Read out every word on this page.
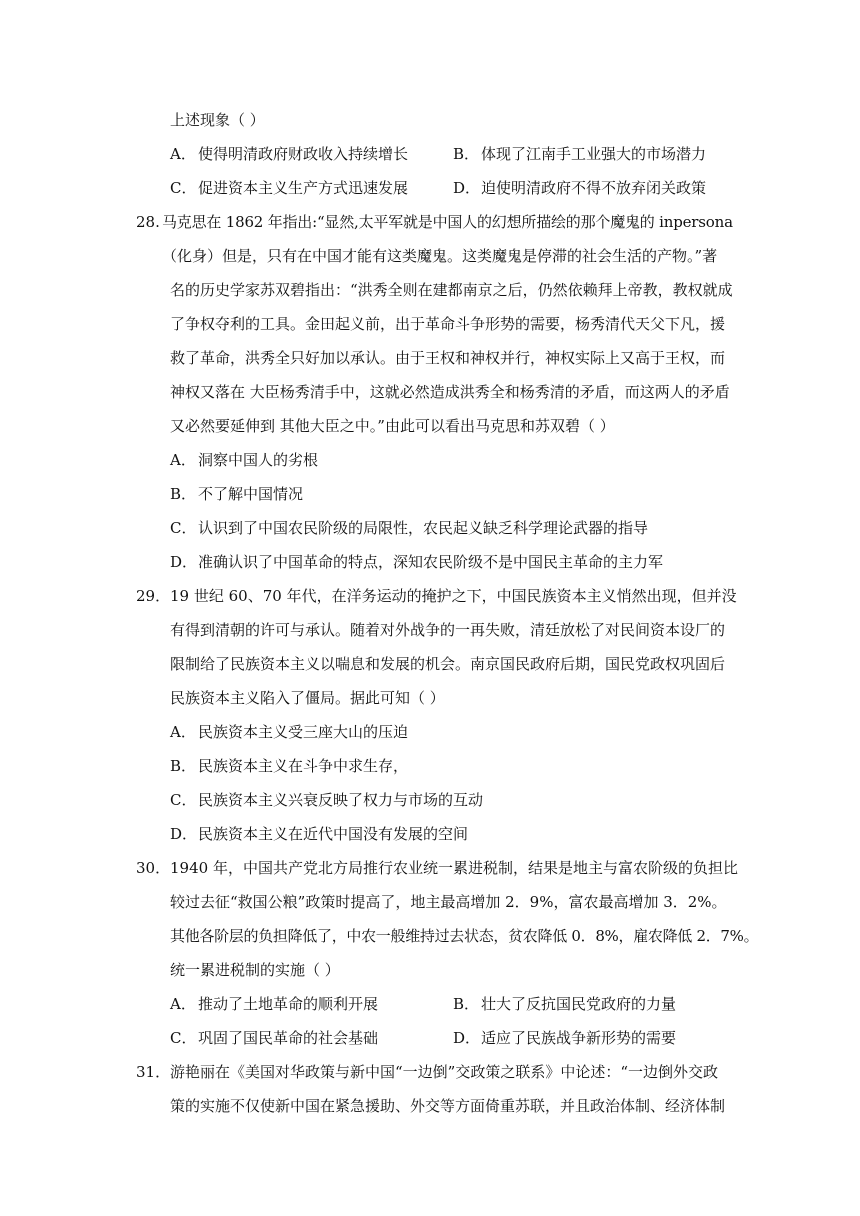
上述现象（ ）
A． 使得明清政府财政收入持续增长	B． 体现了江南手工业强大的市场潜力
C． 促进资本主义生产方式迅速发展	D．迫使明清政府不得不放弃闭关政策
28. 马克思在 1862 年指出:“显然,太平军就是中国人的幻想所描绘的那个魔鬼的 inpersona
（化身）但是，只有在中国才能有这类魔鬼。这类魔鬼是停滞的社会生活的产物。”著
名的历史学家苏双碧指出：“洪秀全则在建都南京之后，仍然依赖拜上帝教，教权就成
了争权夺利的工具。金田起义前，出于革命斗争形势的需要，杨秀清代天父下凡，援
救了革命，洪秀全只好加以承认。由于王权和神权并行，神权实际上又高于王权，而
神权又落在 大臣杨秀清手中，这就必然造成洪秀全和杨秀清的矛盾，而这两人的矛盾
又必然要延伸到 其他大臣之中。”由此可以看出马克思和苏双碧（ ）
A． 洞察中国人的劣根
B． 不了解中国情况
C． 认识到了中国农民阶级的局限性，农民起义缺乏科学理论武器的指导
D．准确认识了中国革命的特点，深知农民阶级不是中国民主革命的主力军
29． 19 世纪 60、70 年代，在洋务运动的掩护之下，中国民族资本主义悄然出现，但并没
有得到清朝的许可与承认。随着对外战争的一再失败，清廷放松了对民间资本设厂的
限制给了民族资本主义以喘息和发展的机会。南京国民政府后期，国民党政权巩固后
民族资本主义陷入了僵局。据此可知（ ）
A． 民族资本主义受三座大山的压迫
B． 民族资本主义在斗争中求生存，
C． 民族资本主义兴衰反映了权力与市场的互动
D．民族资本主义在近代中国没有发展的空间
30． 1940 年，中国共产党北方局推行农业统一累进税制，结果是地主与富农阶级的负担比
较过去征“救国公粮”政策时提高了，地主最高增加 2．9%，富农最高增加 3．2%。
其他各阶层的负担降低了，中农一般维持过去状态，贫农降低 0．8%，雇农降低 2．7%。
统一累进税制的实施（ ）
A． 推动了土地革命的顺利开展	B． 壮大了反抗国民党政府的力量
C． 巩固了国民革命的社会基础	D．适应了民族战争新形势的需要
31． 游艳丽在《美国对华政策与新中国“一边倒”交政策之联系》中论述：“一边倒外交政
策的实施不仅使新中国在紧急援助、外交等方面倚重苏联，并且政治体制、经济体制
